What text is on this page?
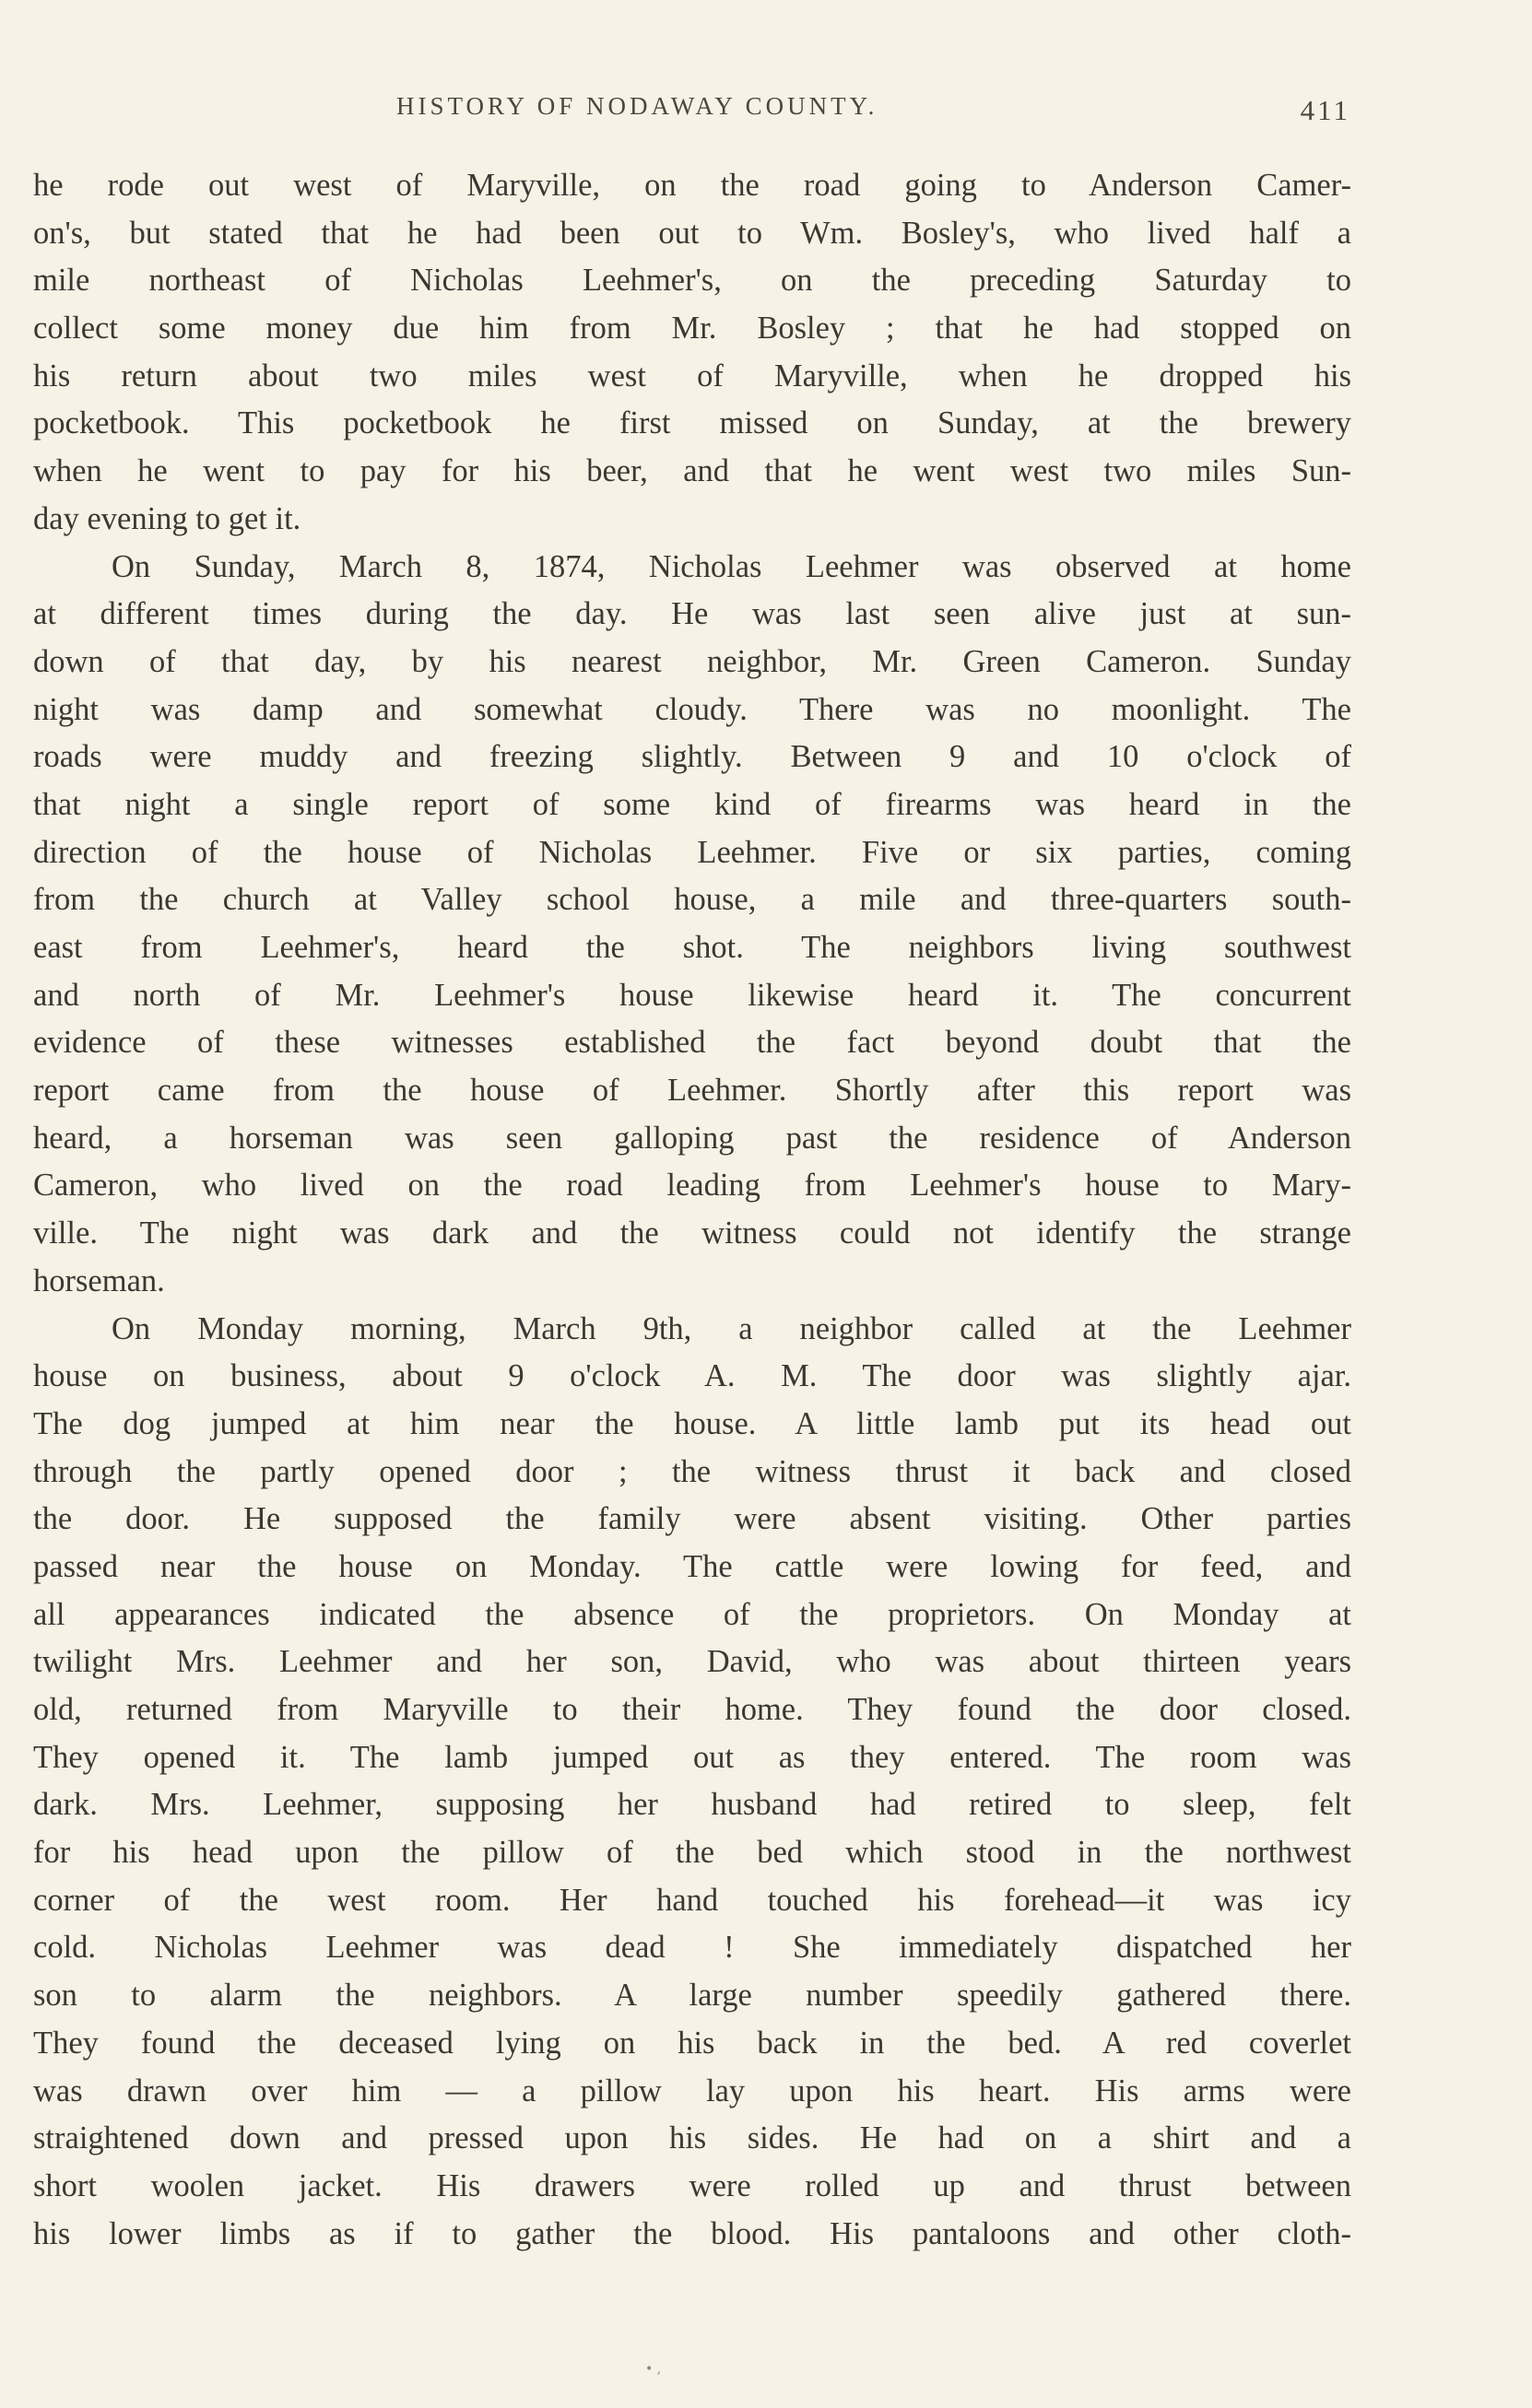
HISTORY OF NODAWAY COUNTY.	411
he rode out west of Maryville, on the road going to Anderson Camer-
on's, but stated that he had been out to Wm. Bosley's, who lived half a
mile northeast of Nicholas Leehmer's, on the preceding Saturday to
collect some money due him from Mr. Bosley ; that he had stopped on
his return about two miles west of Maryville, when he dropped his
pocketbook. This pocketbook he first missed on Sunday, at the brewery
when he went to pay for his beer, and that he went west two miles Sun-
day evening to get it.
On Sunday, March 8, 1874, Nicholas Leehmer was observed at home
at different times during the day. He was last seen alive just at sun-
down of that day, by his nearest neighbor, Mr. Green Cameron. Sunday
night was damp and somewhat cloudy. There was no moonlight. The
roads were muddy and freezing slightly. Between 9 and 10 o'clock of
that night a single report of some kind of firearms was heard in the
direction of the house of Nicholas Leehmer. Five or six parties, coming
from the church at Valley school house, a mile and three-quarters south-
east from Leehmer's, heard the shot. The neighbors living southwest
and north of Mr. Leehmer's house likewise heard it. The concurrent
evidence of these witnesses established the fact beyond doubt that the
report came from the house of Leehmer. Shortly after this report was
heard, a horseman was seen galloping past the residence of Anderson
Cameron, who lived on the road leading from Leehmer's house to Mary-
ville. The night was dark and the witness could not identify the strange
horseman.
On Monday morning, March 9th, a neighbor called at the Leehmer
house on business, about 9 o'clock A. M. The door was slightly ajar.
The dog jumped at him near the house. A little lamb put its head out
through the partly opened door ; the witness thrust it back and closed
the door. He supposed the family were absent visiting. Other parties
passed near the house on Monday. The cattle were lowing for feed, and
all appearances indicated the absence of the proprietors. On Monday at
twilight Mrs. Leehmer and her son, David, who was about thirteen years
old, returned from Maryville to their home. They found the door closed.
They opened it. The lamb jumped out as they entered. The room was
dark. Mrs. Leehmer, supposing her husband had retired to sleep, felt
for his head upon the pillow of the bed which stood in the northwest
corner of the west room. Her hand touched his forehead—it was icy
cold. Nicholas Leehmer was dead ! She immediately dispatched her
son to alarm the neighbors. A large number speedily gathered there.
They found the deceased lying on his back in the bed. A red coverlet
was drawn over him — a pillow lay upon his heart. His arms were
straightened down and pressed upon his sides. He had on a shirt and a
short woolen jacket. His drawers were rolled up and thrust between
his lower limbs as if to gather the blood. His pantaloons and other cloth-
• ,
